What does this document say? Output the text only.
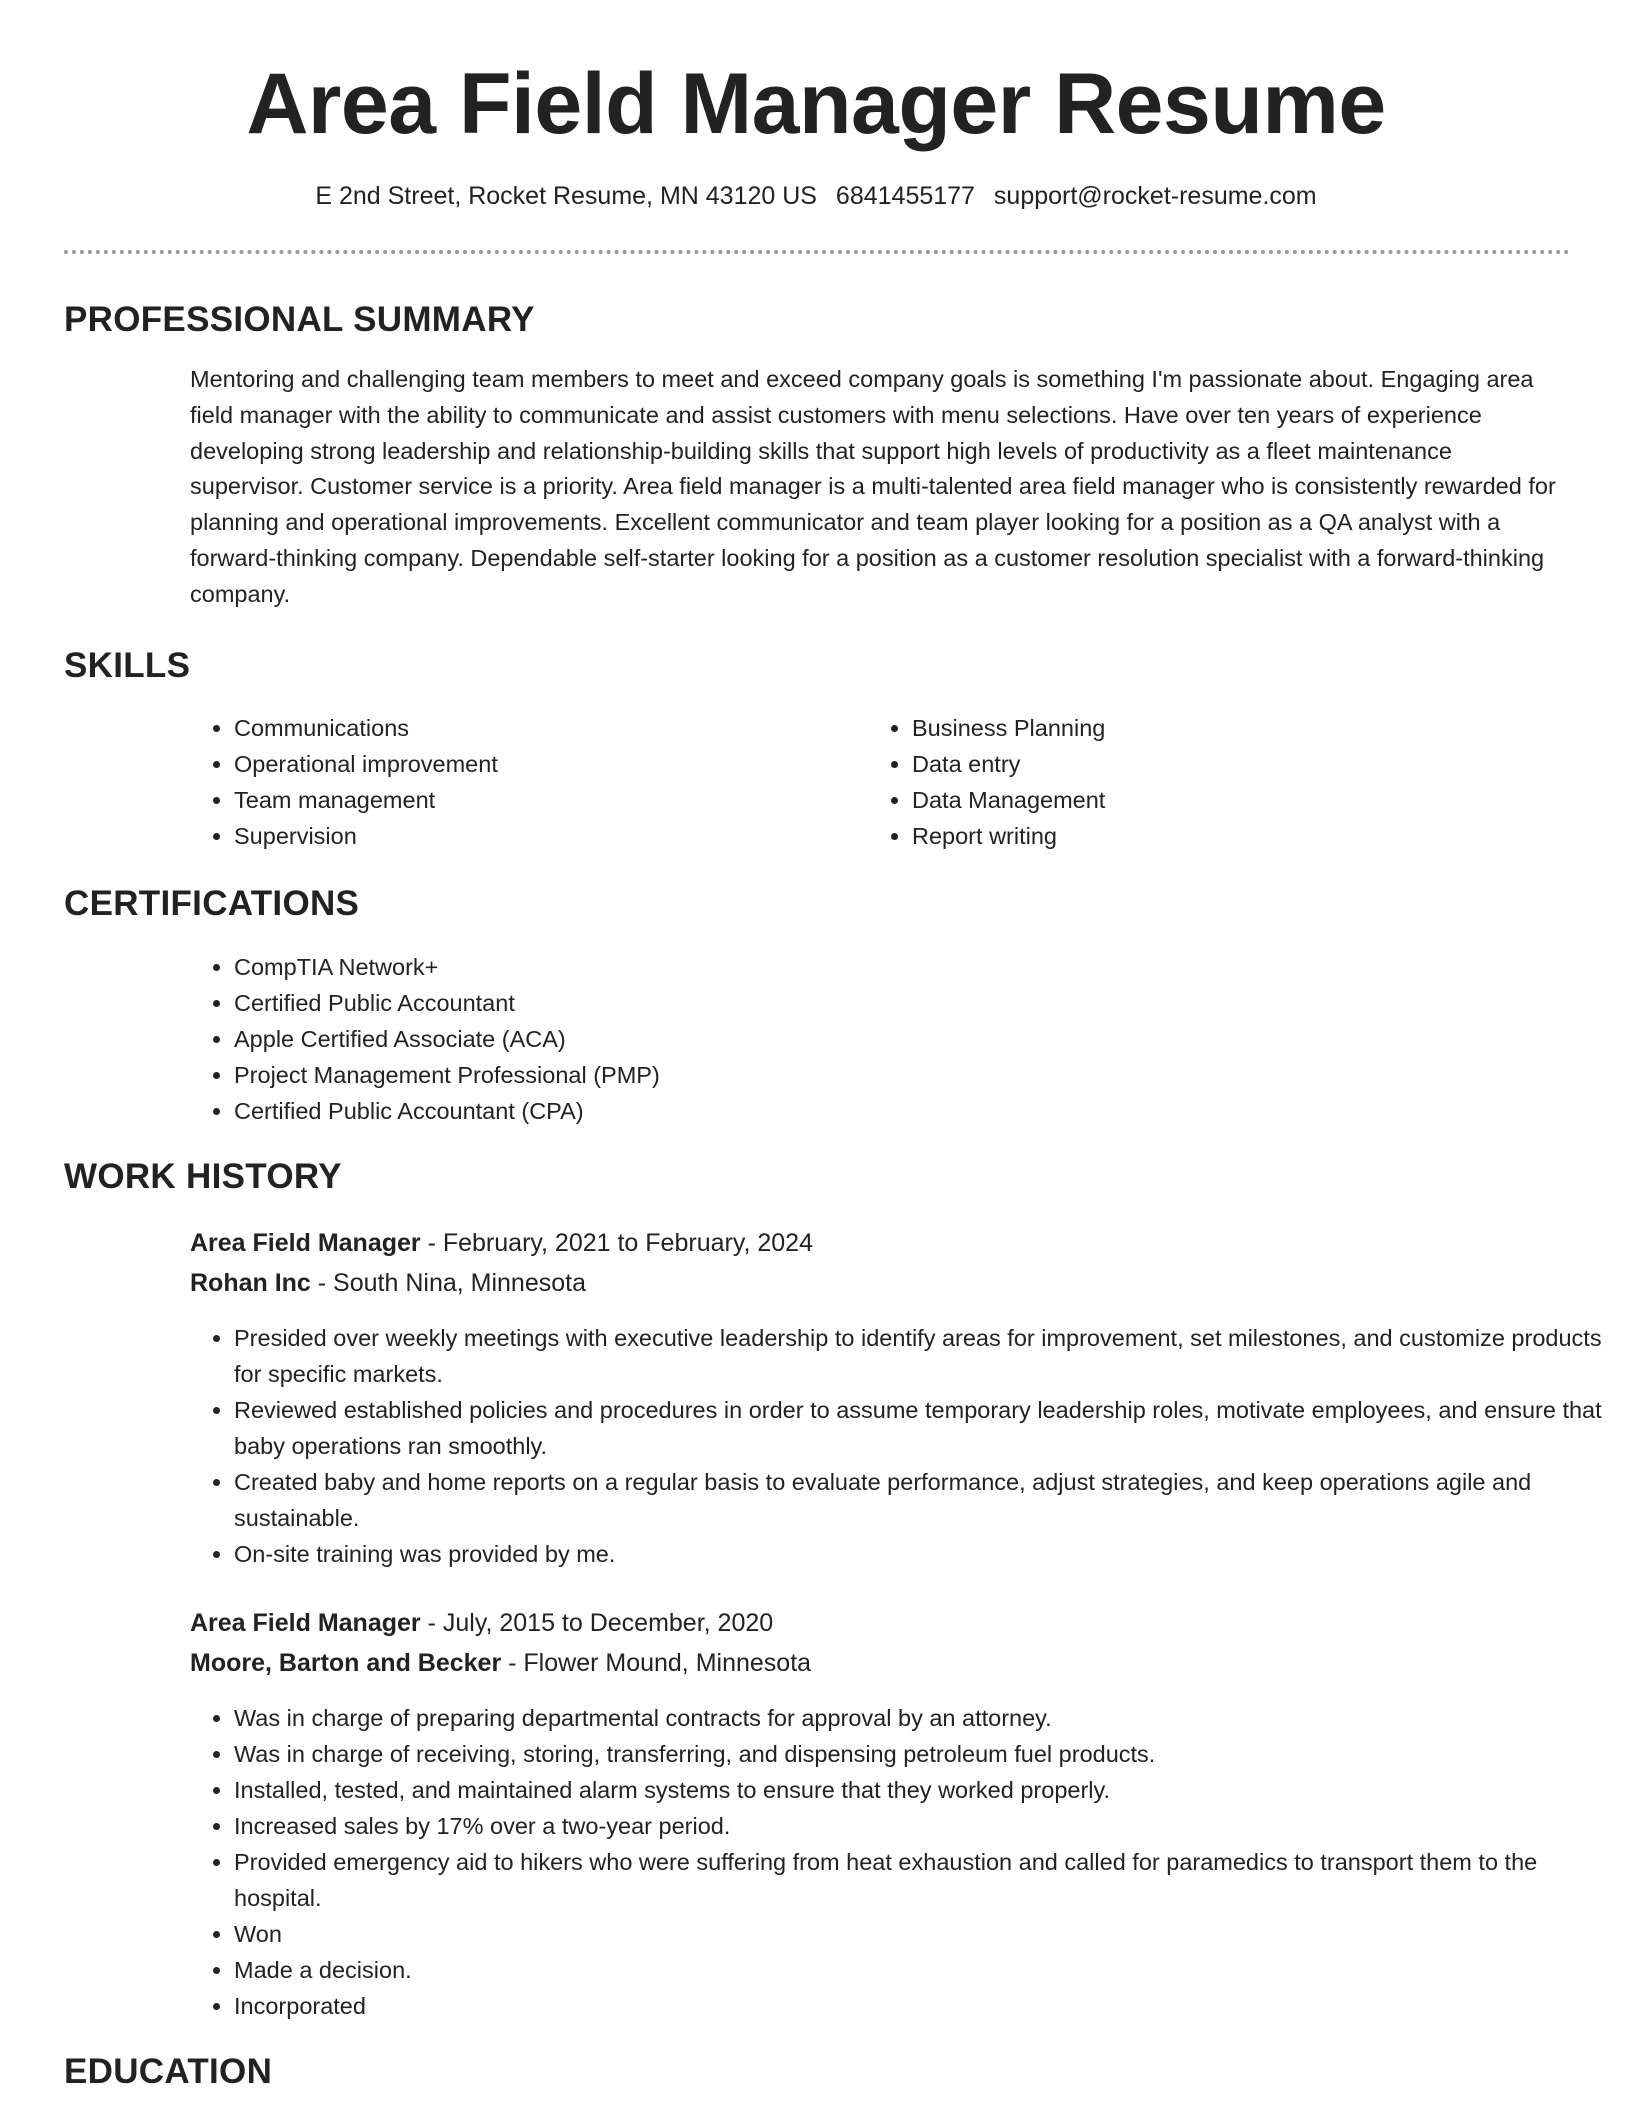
Area Field Manager Resume
E 2nd Street, Rocket Resume, MN 43120 US 6841455177 support@rocket-resume.com
PROFESSIONAL SUMMARY

Mentoring and challenging team members to meet and exceed company goals is something I'm passionate about. Engaging area field manager with the ability to communicate and assist customers with menu selections. Have over ten years of experience developing strong leadership and relationship-building skills that support high levels of productivity as a fleet maintenance supervisor. Customer service is a priority. Area field manager is a multi-talented area field manager who is consistently rewarded for planning and operational improvements. Excellent communicator and team player looking for a position as a QA analyst with a forward-thinking company. Dependable self-starter looking for a position as a customer resolution specialist with a forward-thinking company.

SKILLS
• Communications
• Operational improvement
• Team management
• Supervision
• Business Planning
• Data entry
• Data Management
• Report writing
CERTIFICATIONS
• CompTIA Network+
• Certified Public Accountant
• Apple Certified Associate (ACA)
• Project Management Professional (PMP)
• Certified Public Accountant (CPA)
WORK HISTORY
Area Field Manager - February, 2021 to February, 2024
Rohan Inc - South Nina, Minnesota
• Presided over weekly meetings with executive leadership to identify areas for improvement, set milestones, and customize products for specific markets.
• Reviewed established policies and procedures in order to assume temporary leadership roles, motivate employees, and ensure that baby operations ran smoothly.
• Created baby and home reports on a regular basis to evaluate performance, adjust strategies, and keep operations agile and sustainable.
• On-site training was provided by me.
Area Field Manager - July, 2015 to December, 2020
Moore, Barton and Becker - Flower Mound, Minnesota
• Was in charge of preparing departmental contracts for approval by an attorney.
• Was in charge of receiving, storing, transferring, and dispensing petroleum fuel products.
• Installed, tested, and maintained alarm systems to ensure that they worked properly.
• Increased sales by 17% over a two-year period.
• Provided emergency aid to hikers who were suffering from heat exhaustion and called for paramedics to transport them to the hospital.
• Won
• Made a decision.
• Incorporated
EDUCATION
